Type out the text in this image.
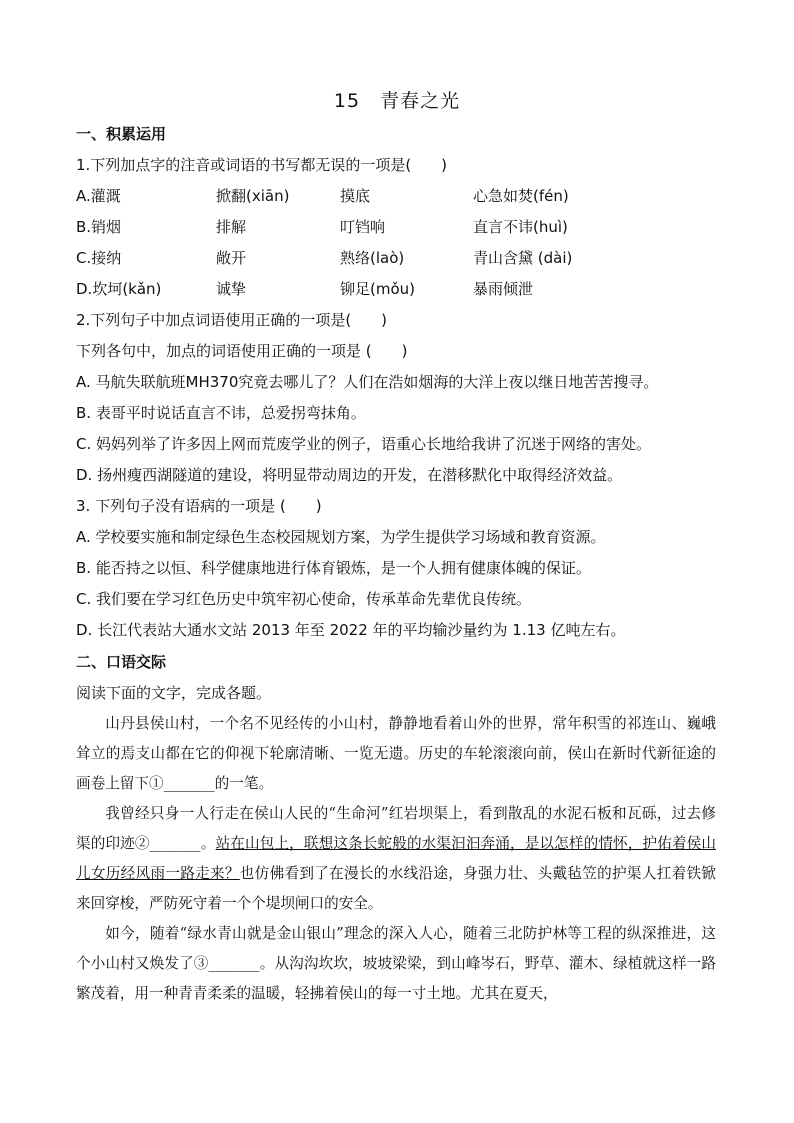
15　青春之光
一、积累运用
1.下列加点字的注音或词语的书写都无误的一项是(　　)
A.灌溉	掀翻(xiān)	摸底	心急如焚(fén)
B.销烟	排解	叮铛响	直言不讳(huì)
C.接纳	敞开	熟络(laò)	青山含黛 (dài)
D.坎坷(kǎn)	诚挚	铆足(mǒu)	暴雨倾泄
2.下列句子中加点词语使用正确的一项是(　　)
下列各句中，加点的词语使用正确的一项是 (　　)
A. 马航失联航班MH370究竟去哪儿了？人们在浩如烟海的大洋上夜以继日地苦苦搜寻。
B. 表哥平时说话直言不讳，总爱拐弯抹角。
C. 妈妈列举了许多因上网而荒废学业的例子，语重心长地给我讲了沉迷于网络的害处。
D. 扬州瘦西湖隧道的建设，将明显带动周边的开发，在潜移默化中取得经济效益。
3. 下列句子没有语病的一项是 (　　)
A. 学校要实施和制定绿色生态校园规划方案，为学生提供学习场域和教育资源。
B. 能否持之以恒、科学健康地进行体育锻炼，是一个人拥有健康体魄的保证。
C. 我们要在学习红色历史中筑牢初心使命，传承革命先辈优良传统。
D. 长江代表站大通水文站 2013 年至 2022 年的平均输沙量约为 1.13 亿吨左右。
二、口语交际
阅读下面的文字，完成各题。

山丹县侯山村，一个名不见经传的小山村，静静地看着山外的世界，常年积雪的祁连山、巍峨耸立的焉支山都在它的仰视下轮廓清晰、一览无遗。历史的车轮滚滚向前，侯山在新时代新征途的画卷上留下①_______的一笔。

我曾经只身一人行走在侯山人民的“生命河”红岩坝渠上，看到散乱的水泥石板和瓦砾，过去修渠的印迹②_______。站在山包上，联想这条长蛇般的水渠汩汩奔涌，是以怎样的情怀，护佑着侯山儿女历经风雨一路走来？也仿佛看到了在漫长的水线沿途，身强力壮、头戴毡笠的护渠人扛着铁锨来回穿梭，严防死守着一个个堤坝闸口的安全。

如今，随着“绿水青山就是金山银山”理念的深入人心，随着三北防护林等工程的纵深推进，这个小山村又焕发了③_______。从沟沟坎坎，坡坡梁梁，到山峰岑石，野草、灌木、绿植就这样一路繁茂着，用一种青青柔柔的温暖，轻拂着侯山的每一寸土地。尤其在夏天，
